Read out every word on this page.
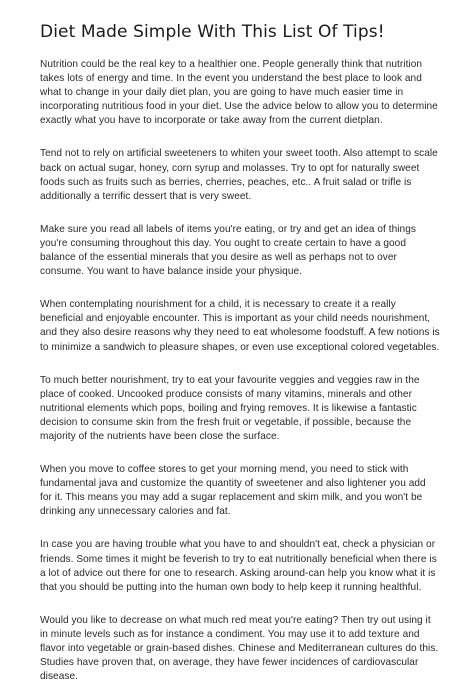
Diet Made Simple With This List Of Tips!

Nutrition could be the real key to a healthier one. People generally think that nutrition takes lots of energy and time. In the event you understand the best place to look and what to change in your daily diet plan, you are going to have much easier time in incorporating nutritious food in your diet. Use the advice below to allow you to determine exactly what you have to incorporate or take away from the current dietplan.

Tend not to rely on artificial sweeteners to whiten your sweet tooth. Also attempt to scale back on actual sugar, honey, corn syrup and molasses. Try to opt for naturally sweet foods such as fruits such as berries, cherries, peaches, etc.. A fruit salad or trifle is additionally a terrific dessert that is very sweet.

Make sure you read all labels of items you're eating, or try and get an idea of things you're consuming throughout this day. You ought to create certain to have a good balance of the essential minerals that you desire as well as perhaps not to over consume. You want to have balance inside your physique.

When contemplating nourishment for a child, it is necessary to create it a really beneficial and enjoyable encounter. This is important as your child needs nourishment, and they also desire reasons why they need to eat wholesome foodstuff. A few notions is to minimize a sandwich to pleasure shapes, or even use exceptional colored vegetables.

To much better nourishment, try to eat your favourite veggies and veggies raw in the place of cooked. Uncooked produce consists of many vitamins, minerals and other nutritional elements which pops, boiling and frying removes. It is likewise a fantastic decision to consume skin from the fresh fruit or vegetable, if possible, because the majority of the nutrients have been close the surface.

When you move to coffee stores to get your morning mend, you need to stick with fundamental java and customize the quantity of sweetener and also lightener you add for it. This means you may add a sugar replacement and skim milk, and you won't be drinking any unnecessary calories and fat.

In case you are having trouble what you have to and shouldn't eat, check a physician or friends. Some times it might be feverish to try to eat nutritionally beneficial when there is a lot of advice out there for one to research. Asking around-can help you know what it is that you should be putting into the human own body to help keep it running healthful.

Would you like to decrease on what much red meat you're eating? Then try out using it in minute levels such as for instance a condiment. You may use it to add texture and flavor into vegetable or grain-based dishes. Chinese and Mediterranean cultures do this. Studies have proven that, on average, they have fewer incidences of cardiovascular disease.
